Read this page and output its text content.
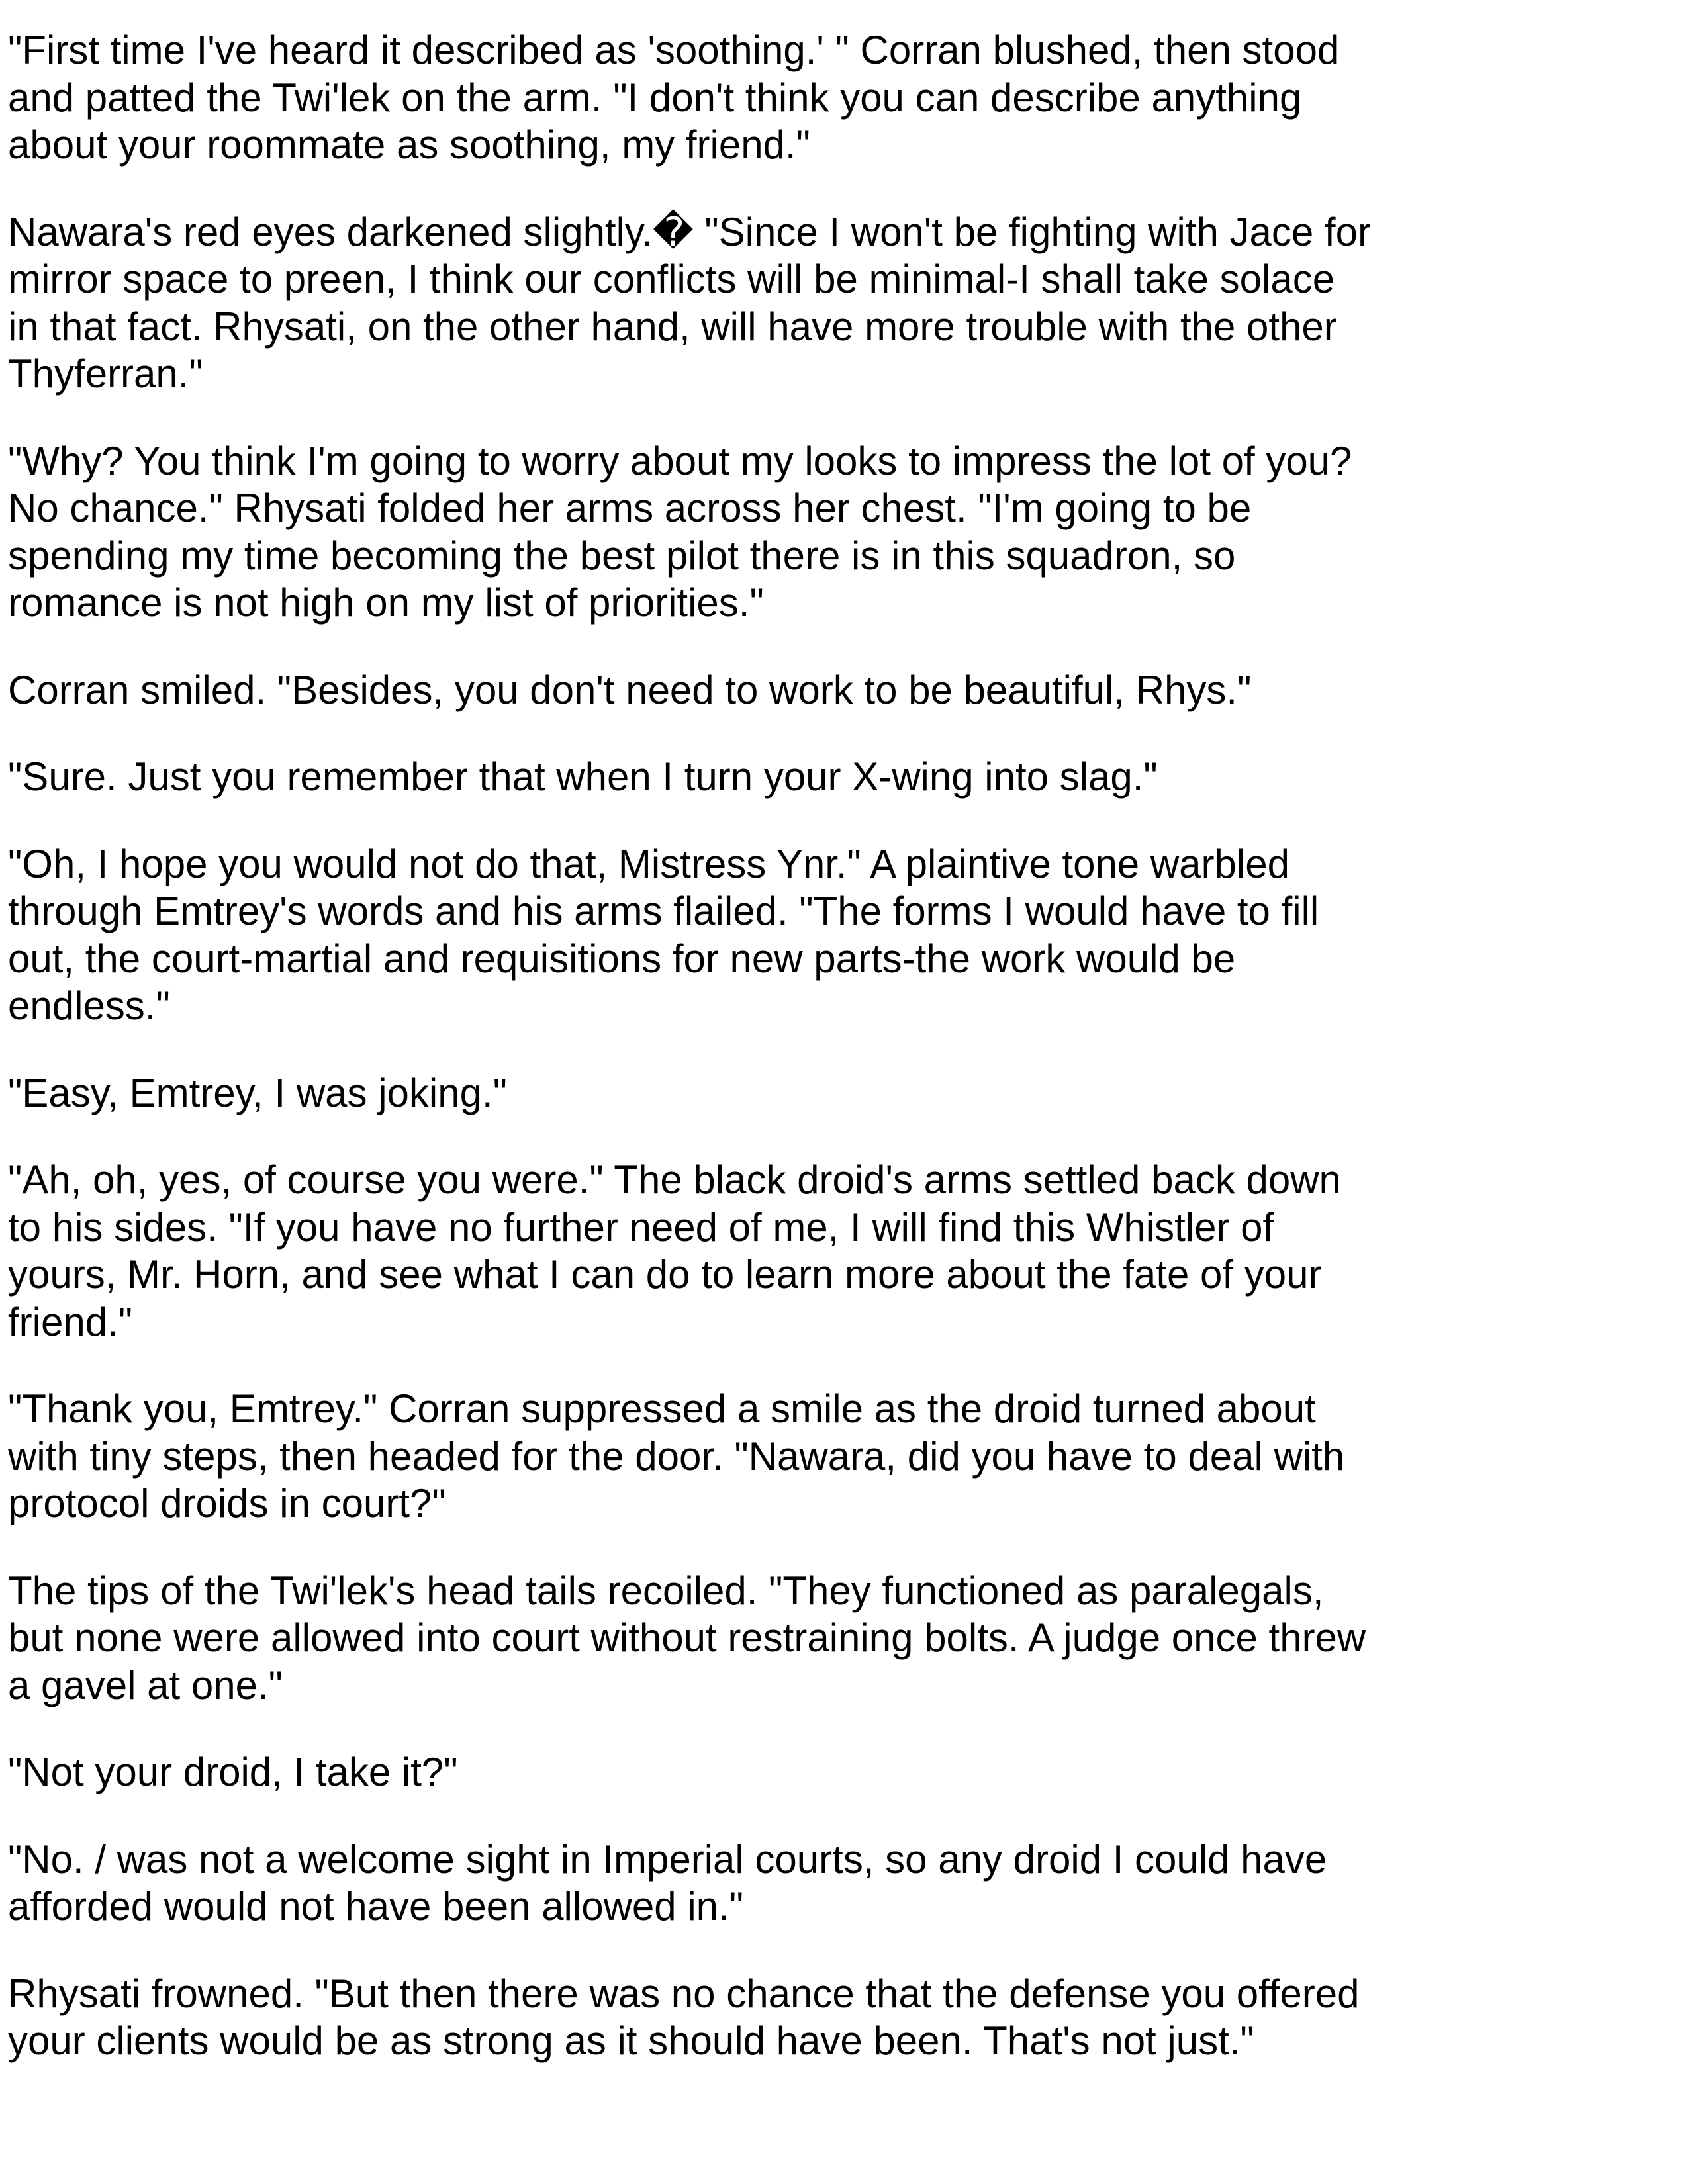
"First time I've heard it described as 'soothing.' " Corran blushed, then stood and patted the Twi'lek on the arm. "I don't think you can describe anything about your roommate as soothing, my friend."

Nawara's red eyes darkened slightly.� "Since I won't be fighting with Jace for mirror space to preen, I think our conflicts will be minimal-I shall take solace in that fact. Rhysati, on the other hand, will have more trouble with the other Thyferran."

"Why? You think I'm going to worry about my looks to impress the lot of you? No chance." Rhysati folded her arms across her chest. "I'm going to be spending my time becoming the best pilot there is in this squadron, so romance is not high on my list of priorities."

Corran smiled. "Besides, you don't need to work to be beautiful, Rhys."

"Sure. Just you remember that when I turn your X-wing into slag."

"Oh, I hope you would not do that, Mistress Ynr." A plaintive tone warbled through Emtrey's words and his arms flailed. "The forms I would have to fill out, the court-martial and requisitions for new parts-the work would be endless."

"Easy, Emtrey, I was joking."

"Ah, oh, yes, of course you were." The black droid's arms settled back down to his sides. "If you have no further need of me, I will find this Whistler of yours, Mr. Horn, and see what I can do to learn more about the fate of your friend."

"Thank you, Emtrey." Corran suppressed a smile as the droid turned about with tiny steps, then headed for the door. "Nawara, did you have to deal with protocol droids in court?"

The tips of the Twi'lek's head tails recoiled. "They functioned as paralegals, but none were allowed into court without restraining bolts. A judge once threw a gavel at one."

"Not your droid, I take it?"

"No. / was not a welcome sight in Imperial courts, so any droid I could have afforded would not have been allowed in."

Rhysati frowned. "But then there was no chance that the defense you offered your clients would be as strong as it should have been. That's not just."
